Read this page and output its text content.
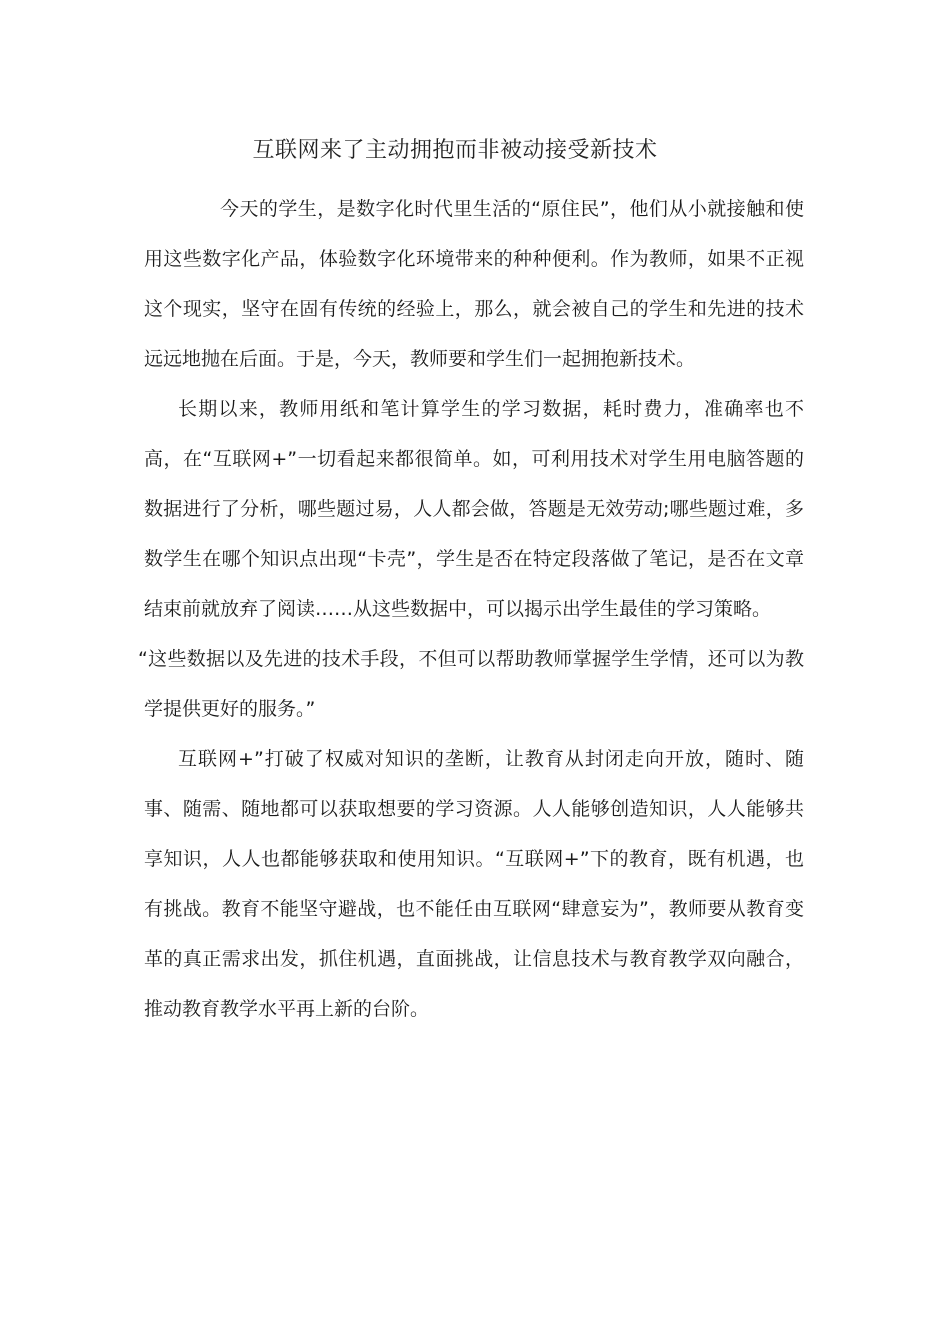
互联网来了主动拥抱而非被动接受新技术

今天的学生，是数字化时代里生活的“原住民”，他们从小就接触和使用这些数字化产品，体验数字化环境带来的种种便利。作为教师，如果不正视这个现实，坚守在固有传统的经验上，那么，就会被自己的学生和先进的技术远远地抛在后面。于是，今天，教师要和学生们一起拥抱新技术。

长期以来，教师用纸和笔计算学生的学习数据，耗时费力，准确率也不高，在“互联网+”一切看起来都很简单。如，可利用技术对学生用电脑答题的数据进行了分析，哪些题过易，人人都会做，答题是无效劳动;哪些题过难，多数学生在哪个知识点出现“卡壳”，学生是否在特定段落做了笔记，是否在文章结束前就放弃了阅读……从这些数据中，可以揭示出学生最佳的学习策略。

“这些数据以及先进的技术手段，不但可以帮助教师掌握学生学情，还可以为教学提供更好的服务。”

互联网+”打破了权威对知识的垄断，让教育从封闭走向开放，随时、随事、随需、随地都可以获取想要的学习资源。人人能够创造知识，人人能够共享知识，人人也都能够获取和使用知识。“互联网+”下的教育，既有机遇，也有挑战。教育不能坚守避战，也不能任由互联网“肆意妄为”，教师要从教育变革的真正需求出发，抓住机遇，直面挑战，让信息技术与教育教学双向融合，推动教育教学水平再上新的台阶。
